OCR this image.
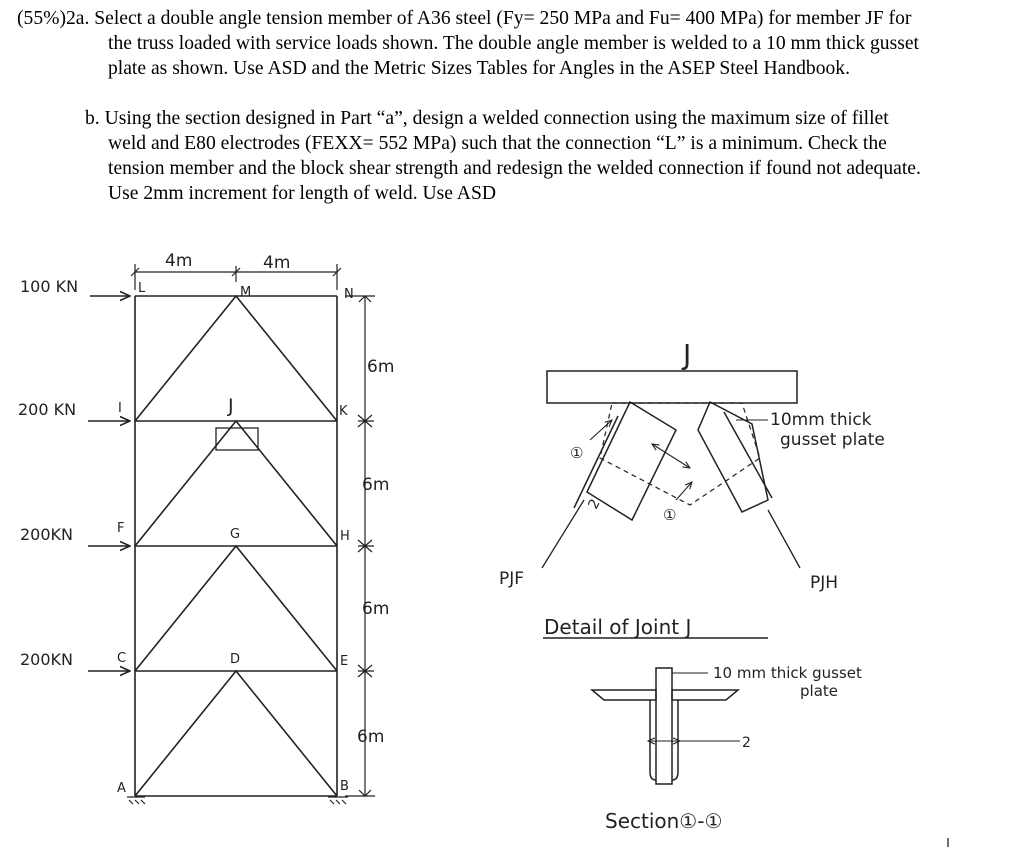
(55%)2a. Select a double angle tension member of A36 steel (Fy= 250 MPa and Fu= 400 MPa) for member JF for
the truss loaded with service loads shown. The double angle member is welded to a 10 mm thick gusset
plate as shown. Use ASD and the Metric Sizes Tables for Angles in the ASEP Steel Handbook.
b. Using the section designed in Part “a”, design a welded connection using the maximum size of fillet
weld and E80 electrodes (FEXX= 552 MPa) such that the connection “L” is a minimum. Check the
tension member and the block shear strength and redesign the welded connection if found not adequate.
Use 2mm increment for length of weld. Use ASD
4m	4m
6m
6m
6m
6m
100 KN
200 KN
200KN
200KN
L	M	N
I	J	K
F	G	H
C	D	E
A	B
J
10mm thick
gusset plate
①
①
2
PJF	PJH
Detail of Joint J
10 mm thick gusset
plate
2
Section①-①
